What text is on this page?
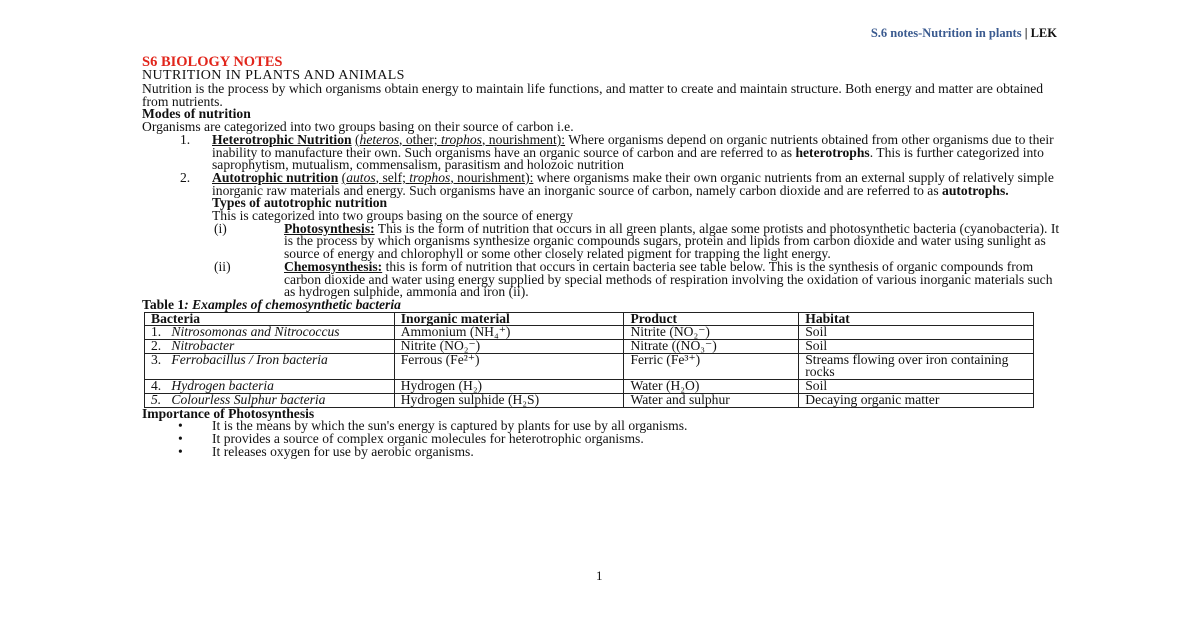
S.6 notes-Nutrition in plants | LEK

S6 BIOLOGY NOTES

NUTRITION IN PLANTS AND ANIMALS

Nutrition is the process by which organisms obtain energy to maintain life functions, and matter to create and maintain structure. Both energy and matter are obtained from nutrients.

Modes of nutrition

Organisms are categorized into two groups basing on their source of carbon i.e.

1. Heterotrophic Nutrition (heteros, other; trophos, nourishment): Where organisms depend on organic nutrients obtained from other organisms due to their inability to manufacture their own. Such organisms have an organic source of carbon and are referred to as heterotrophs. This is further categorized into saprophytism, mutualism, commensalism, parasitism and holozoic nutrition
2. Autotrophic nutrition (autos, self; trophos, nourishment): where organisms make their own organic nutrients from an external supply of relatively simple inorganic raw materials and energy. Such organisms have an inorganic source of carbon, namely carbon dioxide and are referred to as autotrophs.

Types of autotrophic nutrition

This is categorized into two groups basing on the source of energy

(i)	Photosynthesis: This is the form of nutrition that occurs in all green plants, algae some protists and photosynthetic bacteria (cyanobacteria). It is the process by which organisms synthesize organic compounds sugars, protein and lipids from carbon dioxide and water using sunlight as source of energy and chlorophyll or some other closely related pigment for trapping the light energy.
(ii)	Chemosynthesis: this is form of nutrition that occurs in certain bacteria see table below. This is the synthesis of organic compounds from carbon dioxide and water using energy supplied by special methods of respiration involving the oxidation of various inorganic materials such as hydrogen sulphide, ammonia and iron (ii).

Table 1: Examples of chemosynthetic bacteria

Bacteria	Inorganic material	Product	Habitat
1. Nitrosomonas and Nitrococcus	Ammonium (NH₄⁺)	Nitrite (NO₂⁻)	Soil
2. Nitrobacter	Nitrite (NO₂⁻)	Nitrate ((NO₃⁻)	Soil
3. Ferrobacillus / Iron bacteria	Ferrous (Fe²⁺)	Ferric (Fe³⁺)	Streams flowing over iron containing rocks
4. Hydrogen bacteria	Hydrogen (H₂)	Water (H₂O)	Soil
5. Colourless Sulphur bacteria	Hydrogen sulphide (H₂S)	Water and sulphur	Decaying organic matter

Importance of Photosynthesis

• It is the means by which the sun's energy is captured by plants for use by all organisms.
• It provides a source of complex organic molecules for heterotrophic organisms.
• It releases oxygen for use by aerobic organisms.
1
